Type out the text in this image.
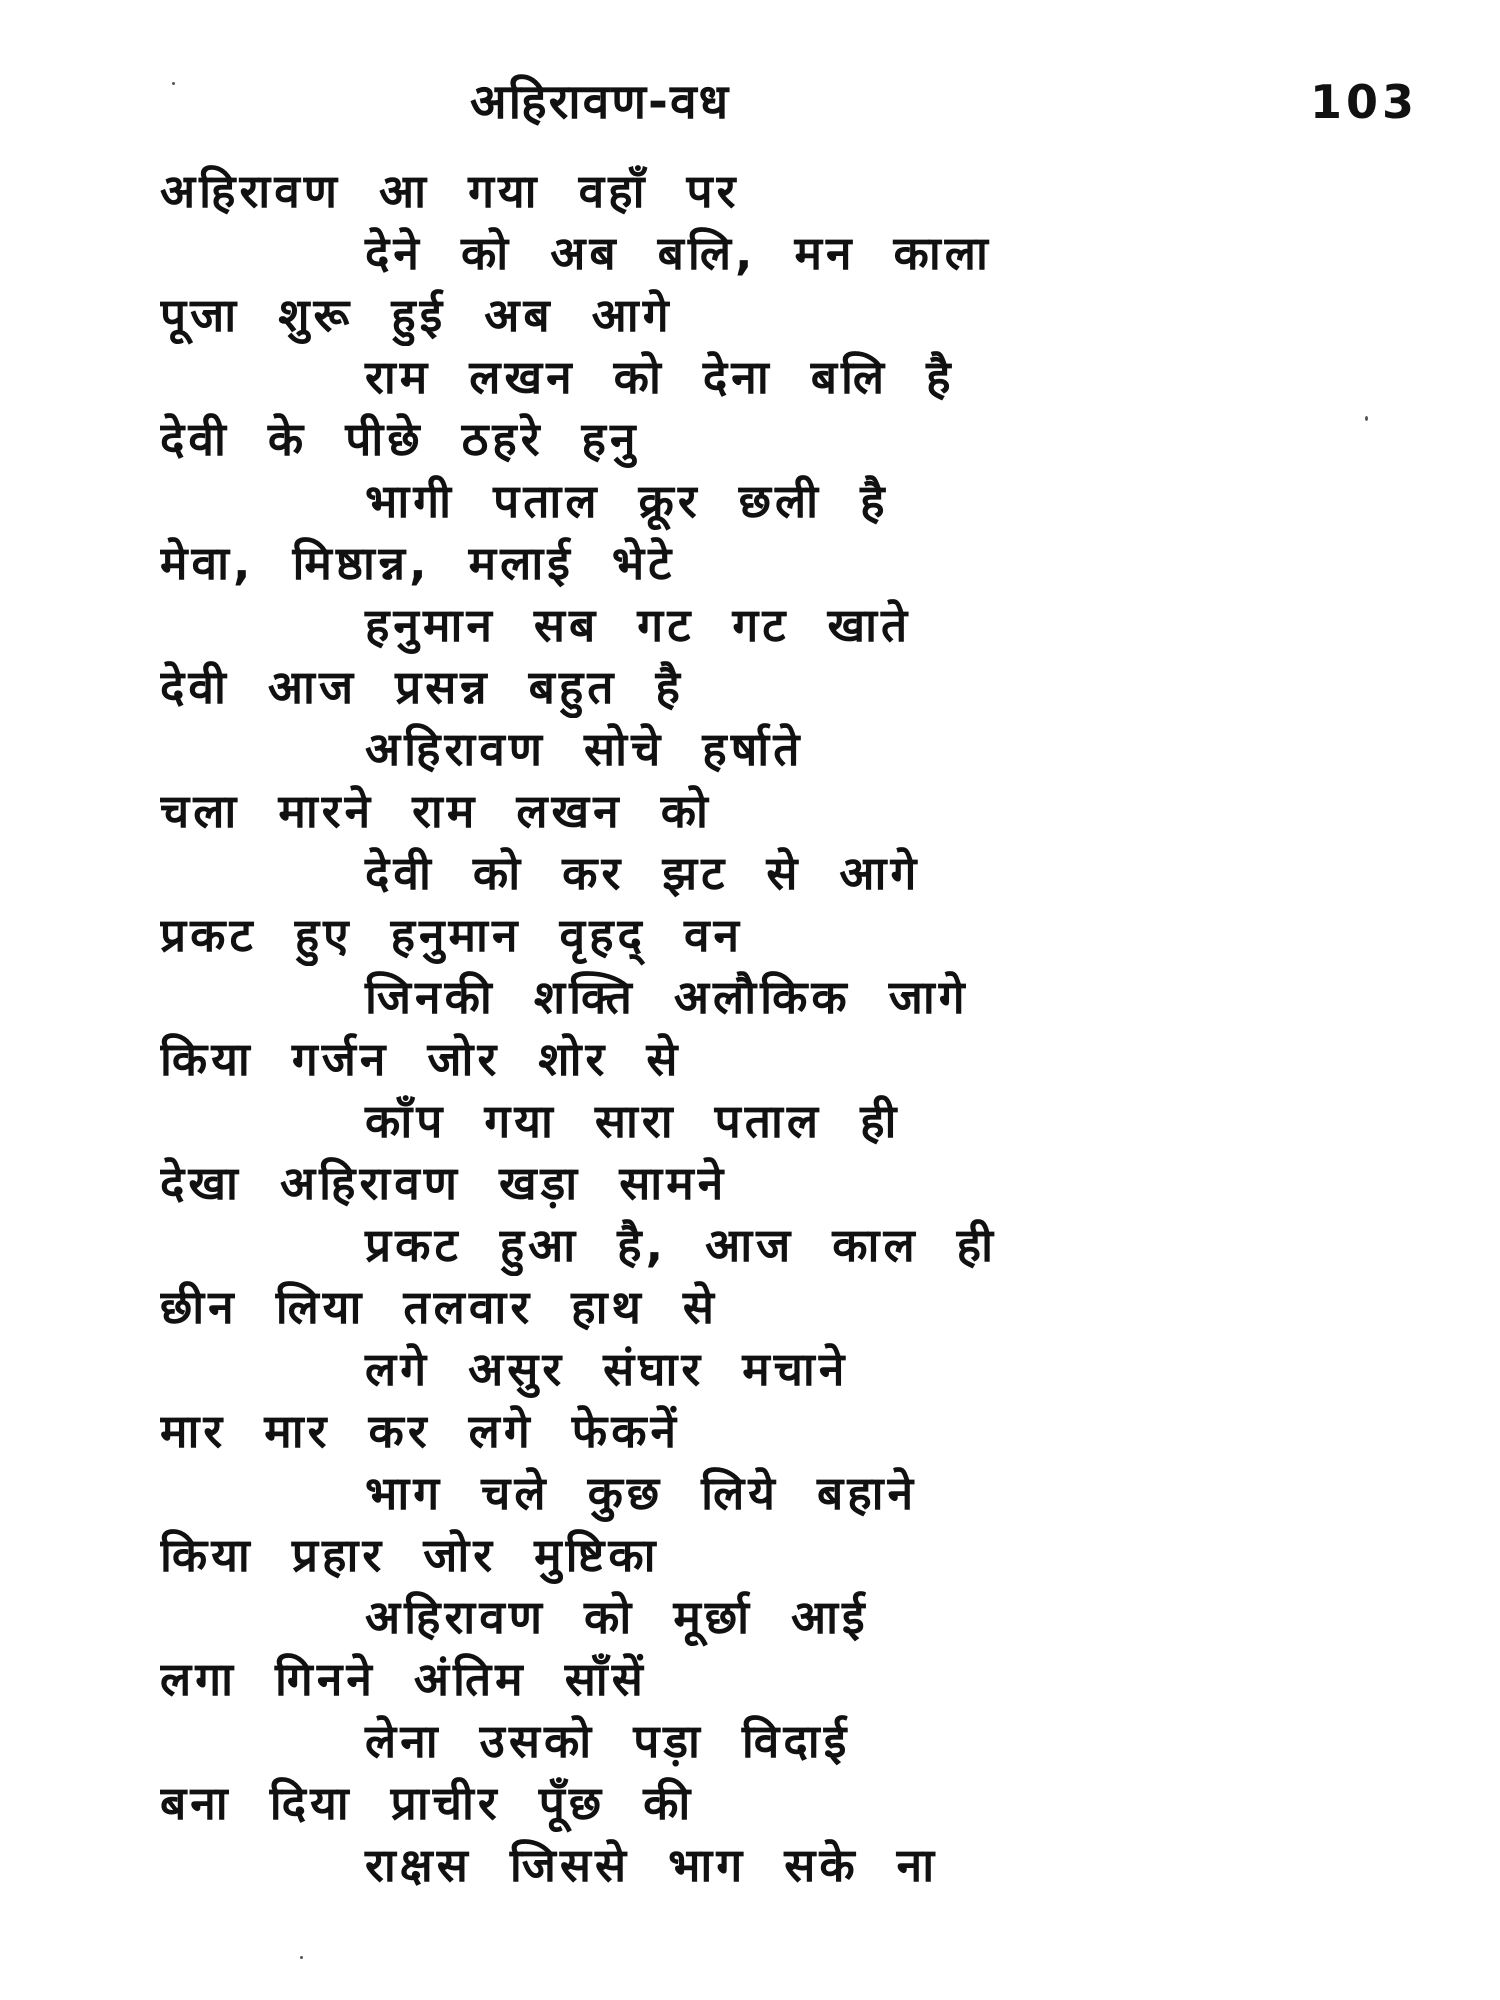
अहिरावण-वध	103
अहिरावण आ गया वहाँ पर
देने को अब बलि, मन काला
पूजा शुरू हुई अब आगे
राम लखन को देना बलि है
देवी के पीछे ठहरे हनु
भागी पताल क्रूर छली है
मेवा, मिष्ठान्न, मलाई भेटे
हनुमान सब गट गट खाते
देवी आज प्रसन्न बहुत है
अहिरावण सोचे हर्षाते
चला मारने राम लखन को
देवी को कर झट से आगे
प्रकट हुए हनुमान वृहद् वन
जिनकी शक्ति अलौकिक जागे
किया गर्जन जोर शोर से
काँप गया सारा पताल ही
देखा अहिरावण खड़ा सामने
प्रकट हुआ है, आज काल ही
छीन लिया तलवार हाथ से
लगे असुर संघार मचाने
मार मार कर लगे फेकनें
भाग चले कुछ लिये बहाने
किया प्रहार जोर मुष्टिका
अहिरावण को मूर्छा आई
लगा गिनने अंतिम साँसें
लेना उसको पड़ा विदाई
बना दिया प्राचीर पूँछ की
राक्षस जिससे भाग सके ना
